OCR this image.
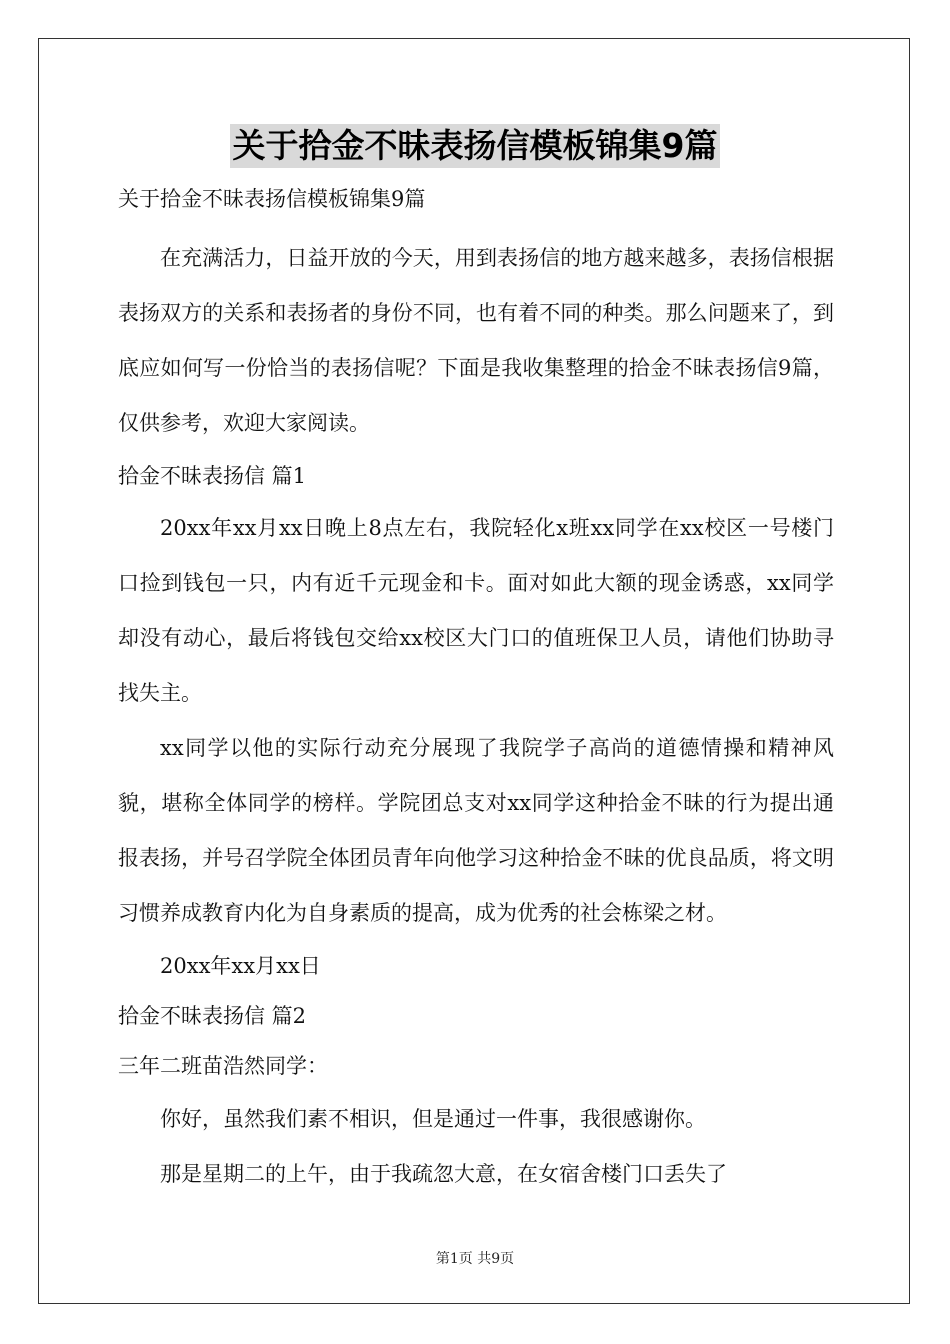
关于拾金不昧表扬信模板锦集9篇
关于拾金不昧表扬信模板锦集9篇

在充满活力，日益开放的今天，用到表扬信的地方越来越多，表扬信根据表扬双方的关系和表扬者的身份不同，也有着不同的种类。那么问题来了，到底应如何写一份恰当的表扬信呢？下面是我收集整理的拾金不昧表扬信9篇，仅供参考，欢迎大家阅读。

拾金不昧表扬信 篇1

20xx年xx月xx日晚上8点左右，我院轻化x班xx同学在xx校区一号楼门口捡到钱包一只，内有近千元现金和卡。面对如此大额的现金诱惑，xx同学却没有动心，最后将钱包交给xx校区大门口的值班保卫人员，请他们协助寻找失主。

xx同学以他的实际行动充分展现了我院学子高尚的道德情操和精神风貌，堪称全体同学的榜样。学院团总支对xx同学这种拾金不昧的行为提出通报表扬，并号召学院全体团员青年向他学习这种拾金不昧的优良品质，将文明习惯养成教育内化为自身素质的提高，成为优秀的社会栋梁之材。

20xx年xx月xx日

拾金不昧表扬信 篇2

三年二班苗浩然同学：

你好，虽然我们素不相识，但是通过一件事，我很感谢你。

那是星期二的上午，由于我疏忽大意，在女宿舍楼门口丢失了

第1页 共9页
